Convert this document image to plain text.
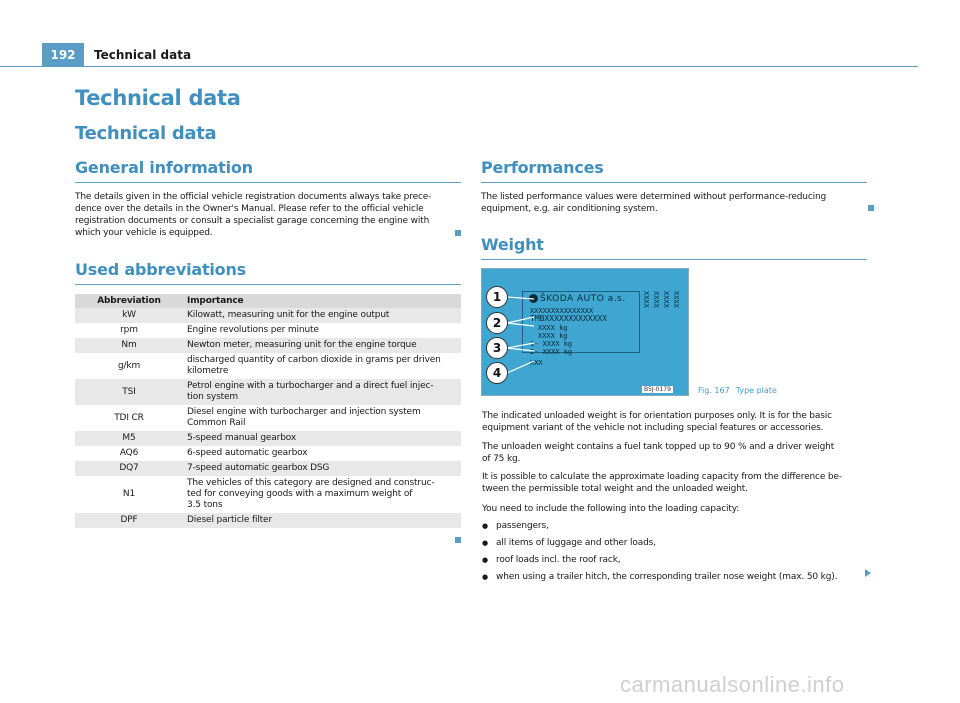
192	Technical data
Technical data
Technical data
General information
The details given in the official vehicle registration documents always take prece-
dence over the details in the Owner's Manual. Please refer to the official vehicle
registration documents or consult a specialist garage concerning the engine with
which your vehicle is equipped.
Used abbreviations
Abbreviation	Importance
kW	Kilowatt, measuring unit for the engine output

rpm	Engine revolutions per minute

Nm	Newton meter, measuring unit for the engine torque

g/km	discharged quantity of carbon dioxide in grams per driven
kilometre

TSI	Petrol engine with a turbocharger and a direct fuel injec-
tion system

TDI CR	Diesel engine with turbocharger and injection system
Common Rail

M5	5-speed manual gearbox

AQ6	6-speed automatic gearbox

DQ7	7-speed automatic gearbox DSG

N1	The vehicles of this category are designed and construc-
ted for conveying goods with a maximum weight of
3.5 tons

DPF	Diesel particle filter
Performances
The listed performance values were determined without performance-reducing
equipment, e.g. air conditioning system.
Weight
ŠKODA AUTO a.s.
XXXXXXXXXXXXXXX
TMBXXXXXXXXXXXXX
XXXX kg
XXXX kg
1- XXXX kg
2- XXXX kg
XXX
XXXX XXXX XXXX XXXX
1
2
3
4
B5J-0179	Fig. 167 Type plate
The indicated unloaded weight is for orientation purposes only. It is for the basic
equipment variant of the vehicle not including special features or accessories.
The unloaden weight contains a fuel tank topped up to 90 % and a driver weight
of 75 kg.
It is possible to calculate the approximate loading capacity from the difference be-
tween the permissible total weight and the unloaded weight.
You need to include the following into the loading capacity:
● passengers,
● all items of luggage and other loads,
● roof loads incl. the roof rack,
● when using a trailer hitch, the corresponding trailer nose weight (max. 50 kg).
carmanualsonline.info
